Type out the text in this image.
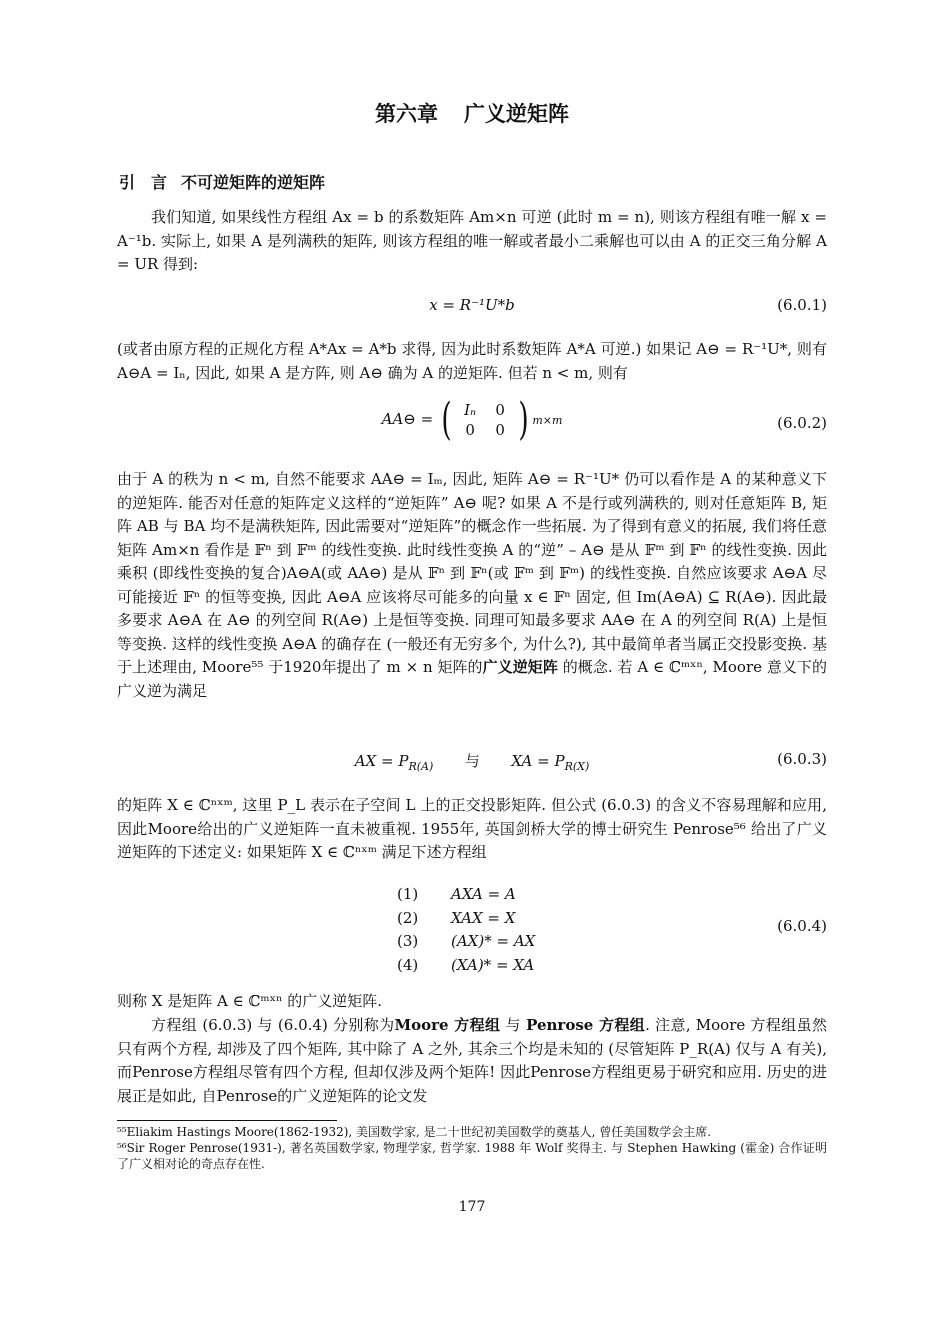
第六章 广义逆矩阵
引　言 不可逆矩阵的逆矩阵

我们知道, 如果线性方程组 Ax = b 的系数矩阵 Am×n 可逆 (此时 m = n), 则该方程组有唯一解 x = A⁻¹b. 实际上, 如果 A 是列满秩的矩阵, 则该方程组的唯一解或者最小二乘解也可以由 A 的正交三角分解 A = UR 得到:

x = R⁻¹U*b	(6.0.1)

(或者由原方程的正规化方程 A*Ax = A*b 求得, 因为此时系数矩阵 A*A 可逆.) 如果记 A⊖ = R⁻¹U*, 则有 A⊖A = Iₙ, 因此, 如果 A 是方阵, 则 A⊖ 确为 A 的逆矩阵. 但若 n < m, 则有

AA⊖ = ( Iₙ	0
0	0 ) m×m	(6.0.2)

由于 A 的秩为 n < m, 自然不能要求 AA⊖ = Iₘ, 因此, 矩阵 A⊖ = R⁻¹U* 仍可以看作是 A 的某种意义下的逆矩阵. 能否对任意的矩阵定义这样的“逆矩阵” A⊖ 呢? 如果 A 不是行或列满秩的, 则对任意矩阵 B, 矩阵 AB 与 BA 均不是满秩矩阵, 因此需要对“逆矩阵”的概念作一些拓展. 为了得到有意义的拓展, 我们将任意矩阵 Am×n 看作是 𝔽ⁿ 到 𝔽ᵐ 的线性变换. 此时线性变换 A 的“逆” – A⊖ 是从 𝔽ᵐ 到 𝔽ⁿ 的线性变换. 因此乘积 (即线性变换的复合)A⊖A(或 AA⊖) 是从 𝔽ⁿ 到 𝔽ⁿ(或 𝔽ᵐ 到 𝔽ᵐ) 的线性变换. 自然应该要求 A⊖A 尽可能接近 𝔽ⁿ 的恒等变换, 因此 A⊖A 应该将尽可能多的向量 x ∈ 𝔽ⁿ 固定, 但 Im(A⊖A) ⊆ R(A⊖). 因此最多要求 A⊖A 在 A⊖ 的列空间 R(A⊖) 上是恒等变换. 同理可知最多要求 AA⊖ 在 A 的列空间 R(A) 上是恒等变换. 这样的线性变换 A⊖A 的确存在 (一般还有无穷多个, 为什么?), 其中最简单者当属正交投影变换. 基于上述理由, Moore⁵⁵ 于1920年提出了 m × n 矩阵的广义逆矩阵 的概念. 若 A ∈ ℂᵐˣⁿ, Moore 意义下的广义逆为满足

AX = $P_{R(A)}$ 与 XA = $P_{R(X)}$	(6.0.3)

的矩阵 X ∈ ℂⁿˣᵐ, 这里 P_L 表示在子空间 L 上的正交投影矩阵. 但公式 (6.0.3) 的含义不容易理解和应用, 因此Moore给出的广义逆矩阵一直未被重视. 1955年, 英国剑桥大学的博士研究生 Penrose⁵⁶ 给出了广义逆矩阵的下述定义: 如果矩阵 X ∈ ℂⁿˣᵐ 满足下述方程组

(1) AXA = A
(2) XAX = X
(3) (AX)* = AX
(4) (XA)* = XA
(6.0.4)

则称 X 是矩阵 A ∈ ℂᵐˣⁿ 的广义逆矩阵.

方程组 (6.0.3) 与 (6.0.4) 分别称为Moore 方程组 与 Penrose 方程组. 注意, Moore 方程组虽然只有两个方程, 却涉及了四个矩阵, 其中除了 A 之外, 其余三个均是未知的 (尽管矩阵 P_R(A) 仅与 A 有关), 而Penrose方程组尽管有四个方程, 但却仅涉及两个矩阵! 因此Penrose方程组更易于研究和应用. 历史的进展正是如此, 自Penrose的广义逆矩阵的论文发

⁵⁵Eliakim Hastings Moore(1862-1932), 美国数学家, 是二十世纪初美国数学的奠基人, 曾任美国数学会主席.
⁵⁶Sir Roger Penrose(1931-), 著名英国数学家, 物理学家, 哲学家. 1988 年 Wolf 奖得主. 与 Stephen Hawking (霍金) 合作证明了广义相对论的奇点存在性.
177
